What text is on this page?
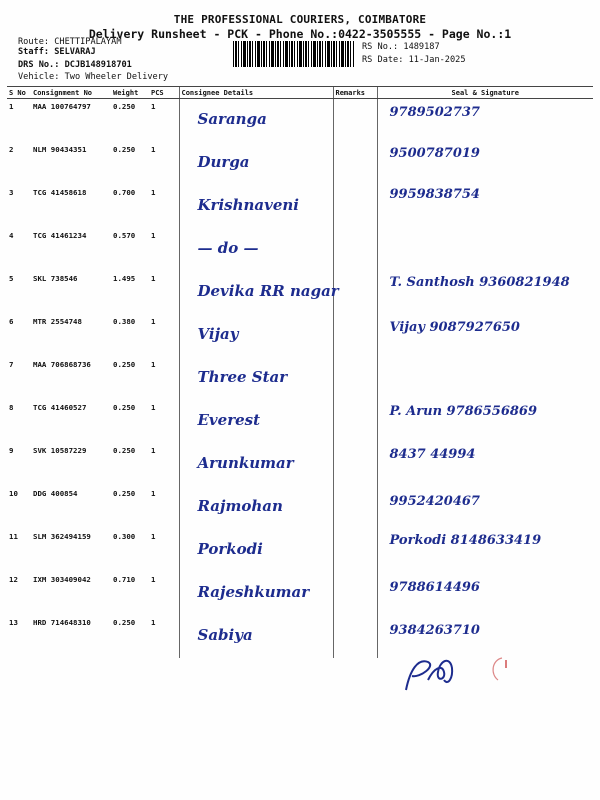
THE PROFESSIONAL COURIERS, COIMBATORE
Delivery Runsheet - PCK - Phone No.:0422-3505555 - Page No.:1
Route: CHETTIPALAYAM
Staff: SELVARAJ
DRS No.: DCJB148918701
Vehicle: Two Wheeler Delivery
RS No.: 1489187
RS Date: 11-Jan-2025
S No	Consignment No	Weight	PCS	Consignee Details	Remarks	Seal & Signature
1	MAA 100764797	0.250	1	Saranga		9789502737

2	NLM 90434351	0.250	1	Durga		9500787019

3	TCG 41458618	0.700	1	Krishnaveni		9959838754

4	TCG 41461234	0.570	1	— do —		

5	SKL 738546	1.495	1	Devika RR nagar		T. Santhosh 9360821948

6	MTR 2554748	0.380	1	Vijay		Vijay 9087927650

7	MAA 706868736	0.250	1	Three Star		

8	TCG 41460527	0.250	1	Everest		P. Arun 9786556869

9	SVK 10587229	0.250	1	Arunkumar		8437 44994

10	DDG 400854	0.250	1	Rajmohan		9952420467

11	SLM 362494159	0.300	1	Porkodi		Porkodi 8148633419

12	IXM 303409042	0.710	1	Rajeshkumar		9788614496

13	HRD 714648310	0.250	1	Sabiya		9384263710
